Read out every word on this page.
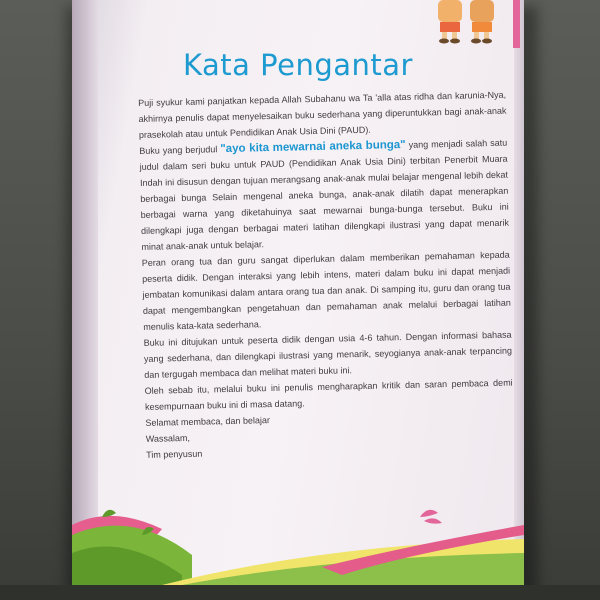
Kata Pengantar

Puji syukur kami panjatkan kepada Allah Subahanu wa Ta 'alla atas ridha dan karunia-Nya, akhirnya penulis dapat menyelesaikan buku sederhana yang diperuntukkan bagi anak-anak prasekolah atau untuk Pendidikan Anak Usia Dini (PAUD).

Buku yang berjudul "ayo kita mewarnai aneka bunga" yang menjadi salah satu judul dalam seri buku untuk PAUD (Pendidikan Anak Usia Dini) terbitan Penerbit Muara Indah ini disusun dengan tujuan merangsang anak-anak mulai belajar mengenal lebih dekat berbagai bunga Selain mengenal aneka bunga, anak-anak dilatih dapat menerapkan berbagai warna yang diketahuinya saat mewarnai bunga-bunga tersebut. Buku ini dilengkapi juga dengan berbagai materi latihan dilengkapi ilustrasi yang dapat menarik minat anak-anak untuk belajar.

Peran orang tua dan guru sangat diperlukan dalam memberikan pemahaman kepada peserta didik. Dengan interaksi yang lebih intens, materi dalam buku ini dapat menjadi jembatan komunikasi dalam antara orang tua dan anak. Di samping itu, guru dan orang tua dapat mengembangkan pengetahuan dan pemahaman anak melalui berbagai latihan menulis kata-kata sederhana.

Buku ini ditujukan untuk peserta didik dengan usia 4-6 tahun. Dengan informasi bahasa yang sederhana, dan dilengkapi ilustrasi yang menarik, seyogianya anak-anak terpancing dan tergugah membaca dan melihat materi buku ini.

Oleh sebab itu, melalui buku ini penulis mengharapkan kritik dan saran pembaca demi kesempurnaan buku ini di masa datang.

Selamat membaca, dan belajar

Wassalam,

Tim penyusun
